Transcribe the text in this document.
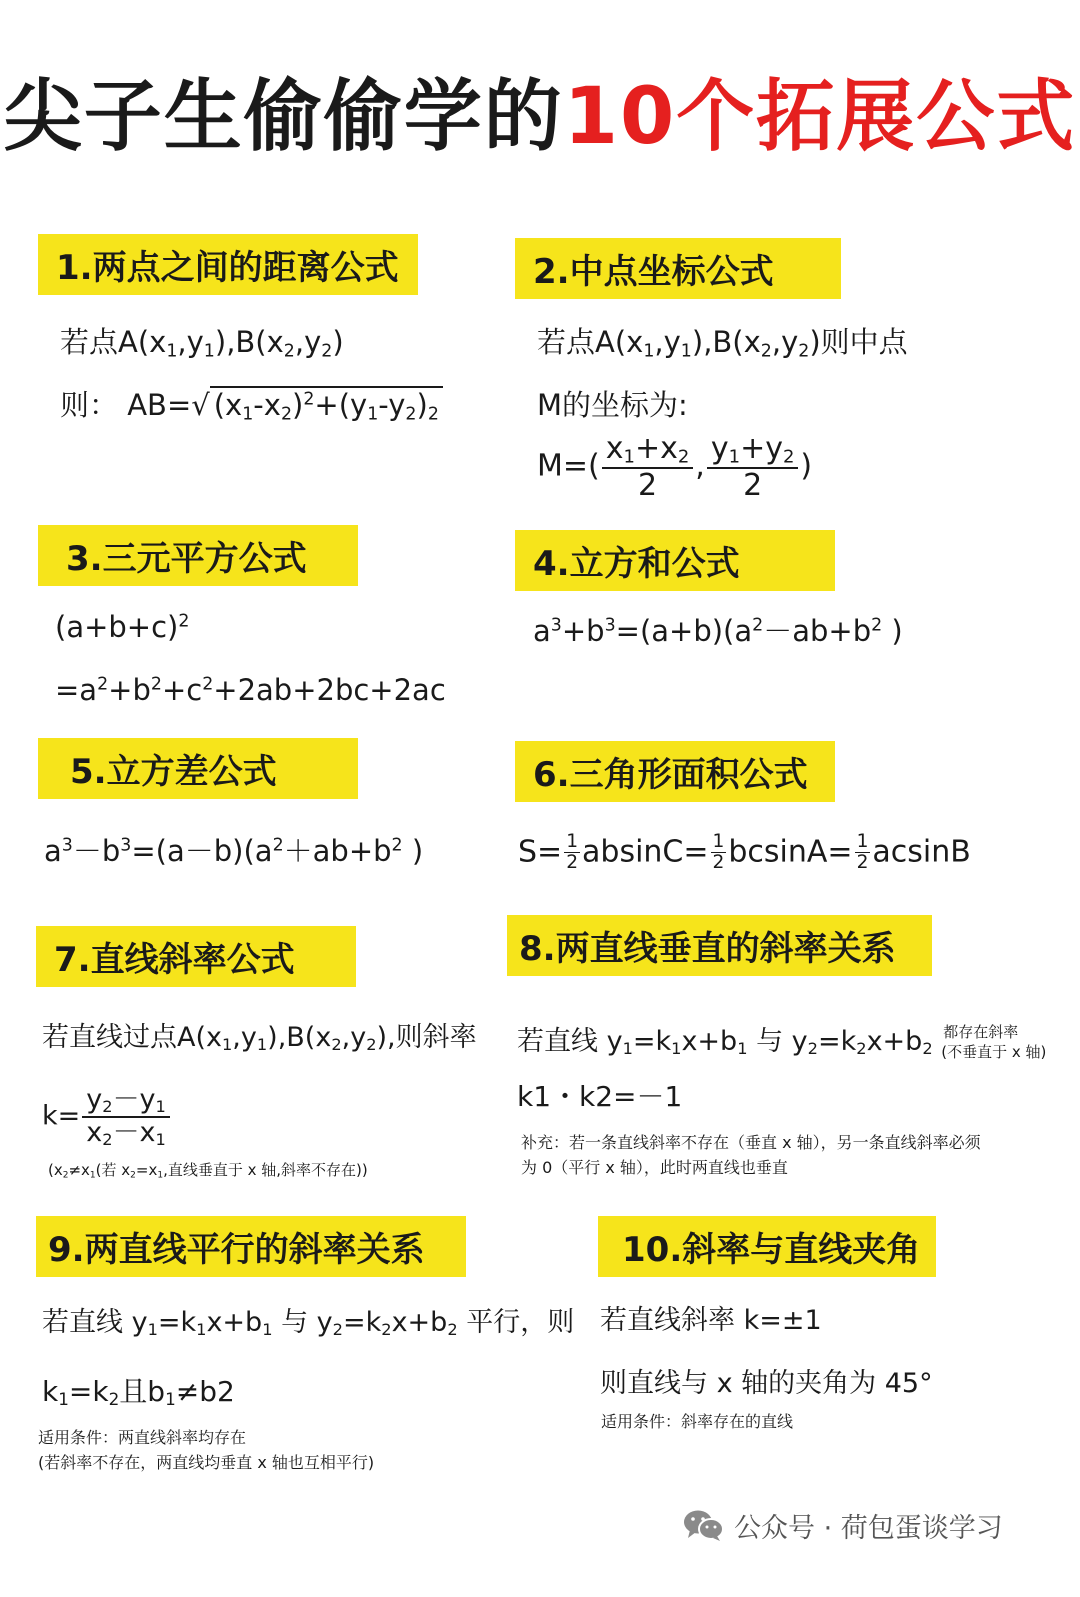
尖子生偷偷学的10个拓展公式
1.两点之间的距离公式
若点$A(x_1,y_1),B(x_2,y_2)$
则： AB=√ $(x_1-x_2)^2+(y_1-y_2)_2$
2.中点坐标公式
若点$A(x_1,y_1),B(x_2,y_2)$则中点
M的坐标为:
$M=( \frac{x_1+x_2}{2}$ , $\frac{y_1+y_2}{2}$ )
3.三元平方公式
$(a+b+c)^2$
$=a^2+b^2+c^2+2ab+2bc+2ac$
4.立方和公式
$a^3+b^3=(a+b)(a^2-ab+b^2$ )
5.立方差公式
$a^3-b^3=(a-b)(a^2+ab+b^2$ )
6.三角形面积公式
$S= \frac{1}{2} absinC= \frac{1}{2} bcsinA= \frac{1}{2}$ acsinB
7.直线斜率公式
若直线过点$A(x_1,y_1),B(x_2,y_2)$,则斜率
$k= \frac{y_2-y_1}{x_2-x_1}$
($x_2\ne x_1$(若 $x_2=x_1$,直线垂直于 x 轴,斜率不存在))
8.两直线垂直的斜率关系
若直线 $y_1=k_1x+b_1$ 与 $y_2=k_2x+b_2$
都存在斜率
(不垂直于 x 轴)
k1・k2=－1
补充：若一条直线斜率不存在（垂直 x 轴），另一条直线斜率必须
为 0（平行 x 轴），此时两直线也垂直
9.两直线平行的斜率关系
若直线 $y_1=k_1x+b_1$ 与 $y_2=k_2x+b_2$ 平行，则
$k_1=k_2$且$b_1\ne b2$
适用条件：两直线斜率均存在
(若斜率不存在，两直线均垂直 x 轴也互相平行)
10.斜率与直线夹角
若直线斜率 k=±1
则直线与 x 轴的夹角为 45°
适用条件：斜率存在的直线
公众号 · 荷包蛋谈学习
